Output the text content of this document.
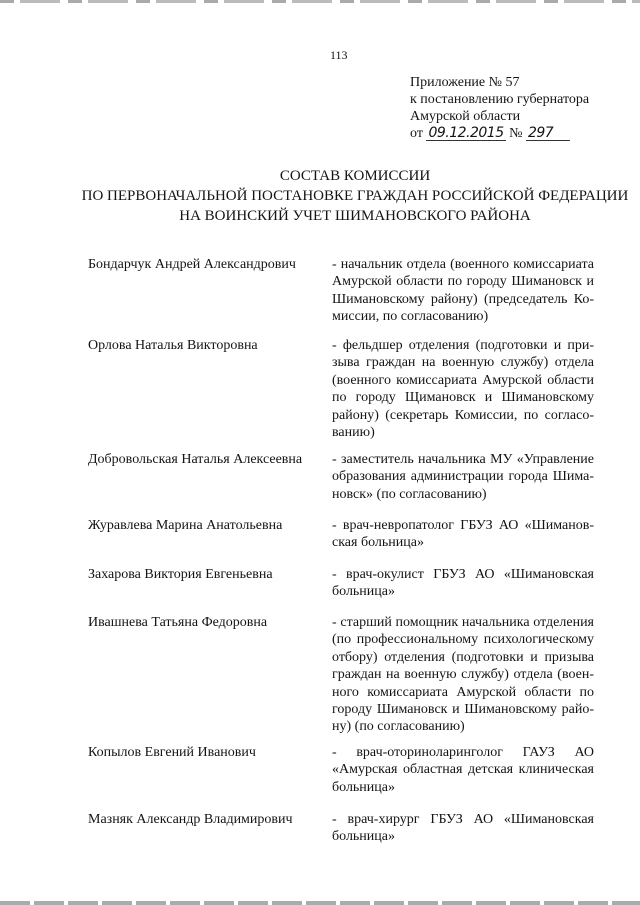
113
Приложение № 57
к постановлению губернатора
Амурской области
от 09.12.2015 № 297
СОСТАВ КОМИССИИ
ПО ПЕРВОНАЧАЛЬНОЙ ПОСТАНОВКЕ ГРАЖДАН РОССИЙСКОЙ ФЕДЕРАЦИИ
НА ВОИНСКИЙ УЧЕТ ШИМАНОВСКОГО РАЙОНА
Бондарчук Андрей Александрович	- начальник отдела (военного комиссариата Амурской области по городу Шимановск и Шимановскому району) (председатель Ко-миссии, по согласованию)
Орлова Наталья Викторовна	- фельдшер отделения (подготовки и при-зыва граждан на военную службу) отдела (военного комиссариата Амурской области по городу Щимановск и Шимановскому району) (секретарь Комиссии, по согласо-ванию)
Добровольская Наталья Алексеевна - заместитель начальника МУ «Управление образования администрации города Шима-новск» (по согласованию)
Журавлева Марина Анатольевна	- врач-невропатолог ГБУЗ АО «Шиманов-ская больница»
Захарова Виктория Евгеньевна	- врач-окулист ГБУЗ АО «Шимановская больница»
Ивашнева Татьяна Федоровна	- старший помощник начальника отделения (по профессиональному психологическому отбору) отделения (подготовки и призыва граждан на военную службу) отдела (воен-ного комиссариата Амурской области по городу Шимановск и Шимановскому райо-ну) (по согласованию)
Копылов Евгений Иванович	- врач-оториноларинголог ГАУЗ АО «Амурская областная детская клиническая больница»
Мазняк Александр Владимирович	- врач-хирург ГБУЗ АО «Шимановская больница»
